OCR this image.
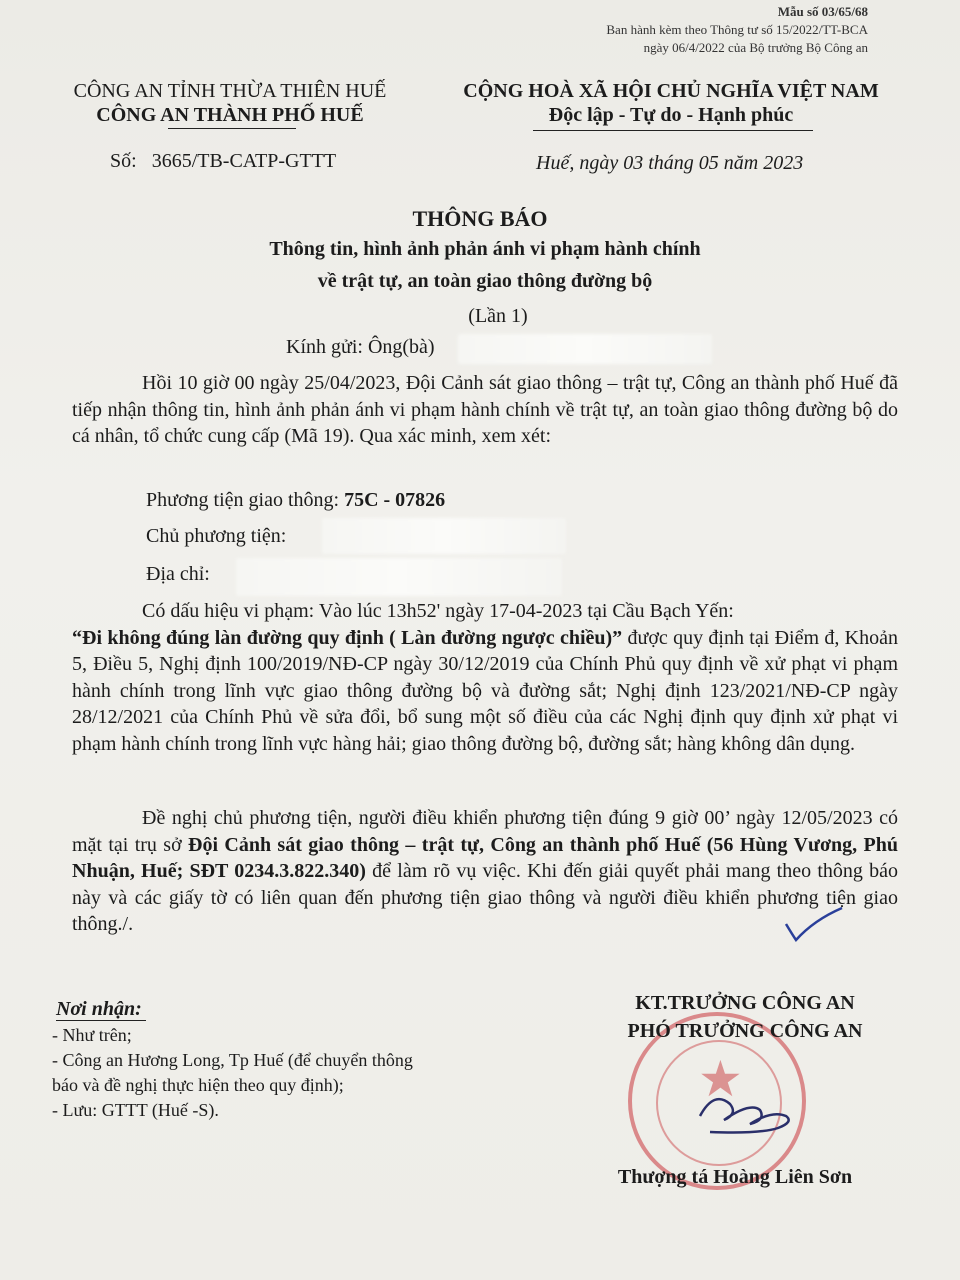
Mẫu số 03/65/68
Ban hành kèm theo Thông tư số 15/2022/TT-BCA
ngày 06/4/2022 của Bộ trưởng Bộ Công an
CÔNG AN TỈNH THỪA THIÊN HUẾ
CÔNG AN THÀNH PHỐ HUẾ
Số: 3665/TB-CATP-GTTT
CỘNG HOÀ XÃ HỘI CHỦ NGHĨA VIỆT NAM
Độc lập - Tự do - Hạnh phúc
Huế, ngày 03 tháng 05 năm 2023
THÔNG BÁO
Thông tin, hình ảnh phản ánh vi phạm hành chính
về trật tự, an toàn giao thông đường bộ
(Lần 1)
Kính gửi: Ông(bà)
Hồi 10 giờ 00 ngày 25/04/2023, Đội Cảnh sát giao thông – trật tự, Công an thành phố Huế đã tiếp nhận thông tin, hình ảnh phản ánh vi phạm hành chính về trật tự, an toàn giao thông đường bộ do cá nhân, tổ chức cung cấp (Mã 19). Qua xác minh, xem xét:
Phương tiện giao thông: 75C - 07826
Chủ phương tiện:
Địa chỉ:
Có dấu hiệu vi phạm: Vào lúc 13h52' ngày 17-04-2023 tại Cầu Bạch Yến:
“Đi không đúng làn đường quy định ( Làn đường ngược chiều)” được quy định tại Điểm đ, Khoản 5, Điều 5, Nghị định 100/2019/NĐ-CP ngày 30/12/2019 của Chính Phủ quy định về xử phạt vi phạm hành chính trong lĩnh vực giao thông đường bộ và đường sắt; Nghị định 123/2021/NĐ-CP ngày 28/12/2021 của Chính Phủ về sửa đổi, bổ sung một số điều của các Nghị định quy định xử phạt vi phạm hành chính trong lĩnh vực hàng hải; giao thông đường bộ, đường sắt; hàng không dân dụng.
Đề nghị chủ phương tiện, người điều khiển phương tiện đúng 9 giờ 00’ ngày 12/05/2023 có mặt tại trụ sở Đội Cảnh sát giao thông – trật tự, Công an thành phố Huế (56 Hùng Vương, Phú Nhuận, Huế; SĐT 0234.3.822.340) để làm rõ vụ việc. Khi đến giải quyết phải mang theo thông báo này và các giấy tờ có liên quan đến phương tiện giao thông và người điều khiển phương tiện giao thông./.
Nơi nhận:
- Như trên;
- Công an Hương Long, Tp Huế (để chuyển thông
báo và đề nghị thực hiện theo quy định);
- Lưu: GTTT (Huế -S).
★
KT.TRƯỞNG CÔNG AN
PHÓ TRƯỞNG CÔNG AN
Thượng tá Hoàng Liên Sơn
